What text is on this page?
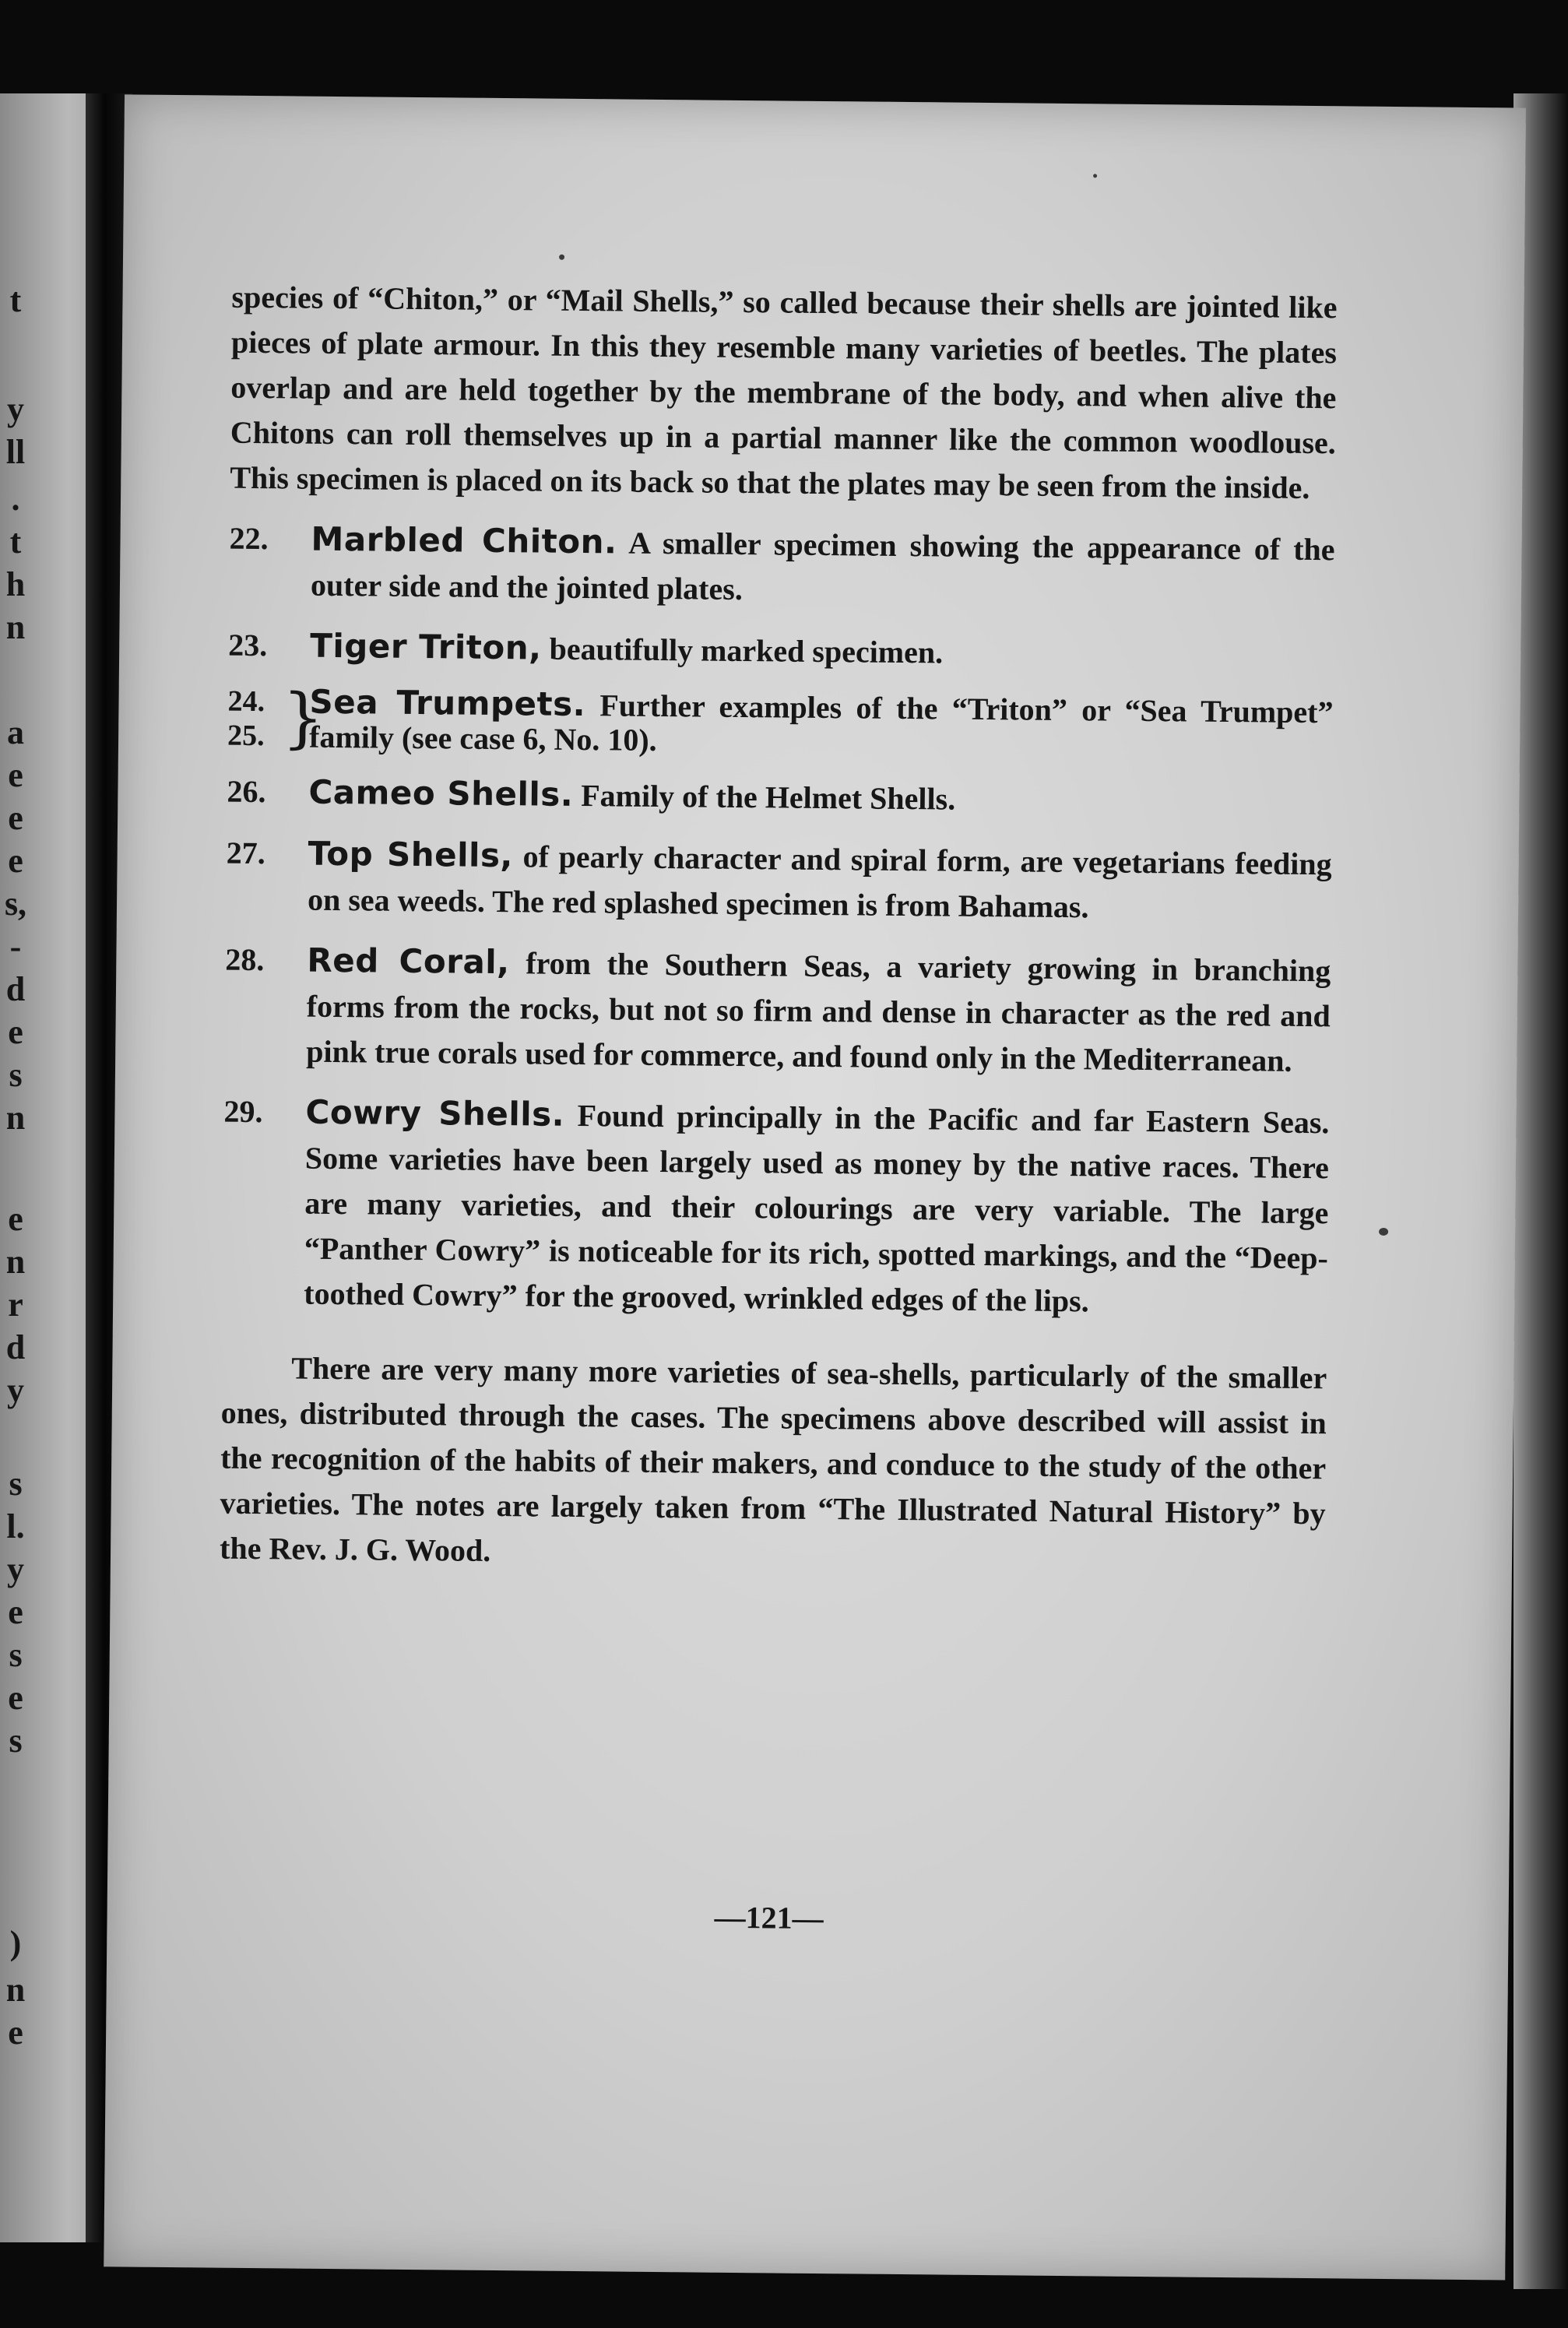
t
y
ll
.
t
h
n
a
e
e
e
s,
-
d
e
s
n
e
n
r
d
y
s
l.
y
e
s
e
s
)
n
e

species of “Chiton,” or “Mail Shells,” so called because their shells are jointed like pieces of plate armour. In this they resemble many varieties of beetles. The plates overlap and are held together by the membrane of the body, and when alive the Chitons can roll themselves up in a partial manner like the common woodlouse. This specimen is placed on its back so that the plates may be seen from the inside.

22.	Marbled Chiton. A smaller specimen showing the appearance of the outer side and the jointed plates.
23.	Tiger Triton, beautifully marked specimen.
24.
25. }
Sea Trumpets. Further examples of the “Triton” or “Sea Trumpet” family (see case 6, No. 10).
26.	Cameo Shells. Family of the Helmet Shells.
27.	Top Shells, of pearly character and spiral form, are vegetarians feeding on sea weeds. The red splashed specimen is from Bahamas.
28.	Red Coral, from the Southern Seas, a variety growing in branching forms from the rocks, but not so firm and dense in character as the red and pink true corals used for commerce, and found only in the Mediterranean.
29.	Cowry Shells. Found principally in the Pacific and far Eastern Seas. Some varieties have been largely used as money by the native races. There are many varieties, and their colourings are very variable. The large “Panther Cowry” is noticeable for its rich, spotted markings, and the “Deep-toothed Cowry” for the grooved, wrinkled edges of the lips.

There are very many more varieties of sea-shells, particularly of the smaller ones, distributed through the cases. The specimens above described will assist in the recognition of the habits of their makers, and conduce to the study of the other varieties. The notes are largely taken from “The Illustrated Natural History” by the Rev. J. G. Wood.

—121—
